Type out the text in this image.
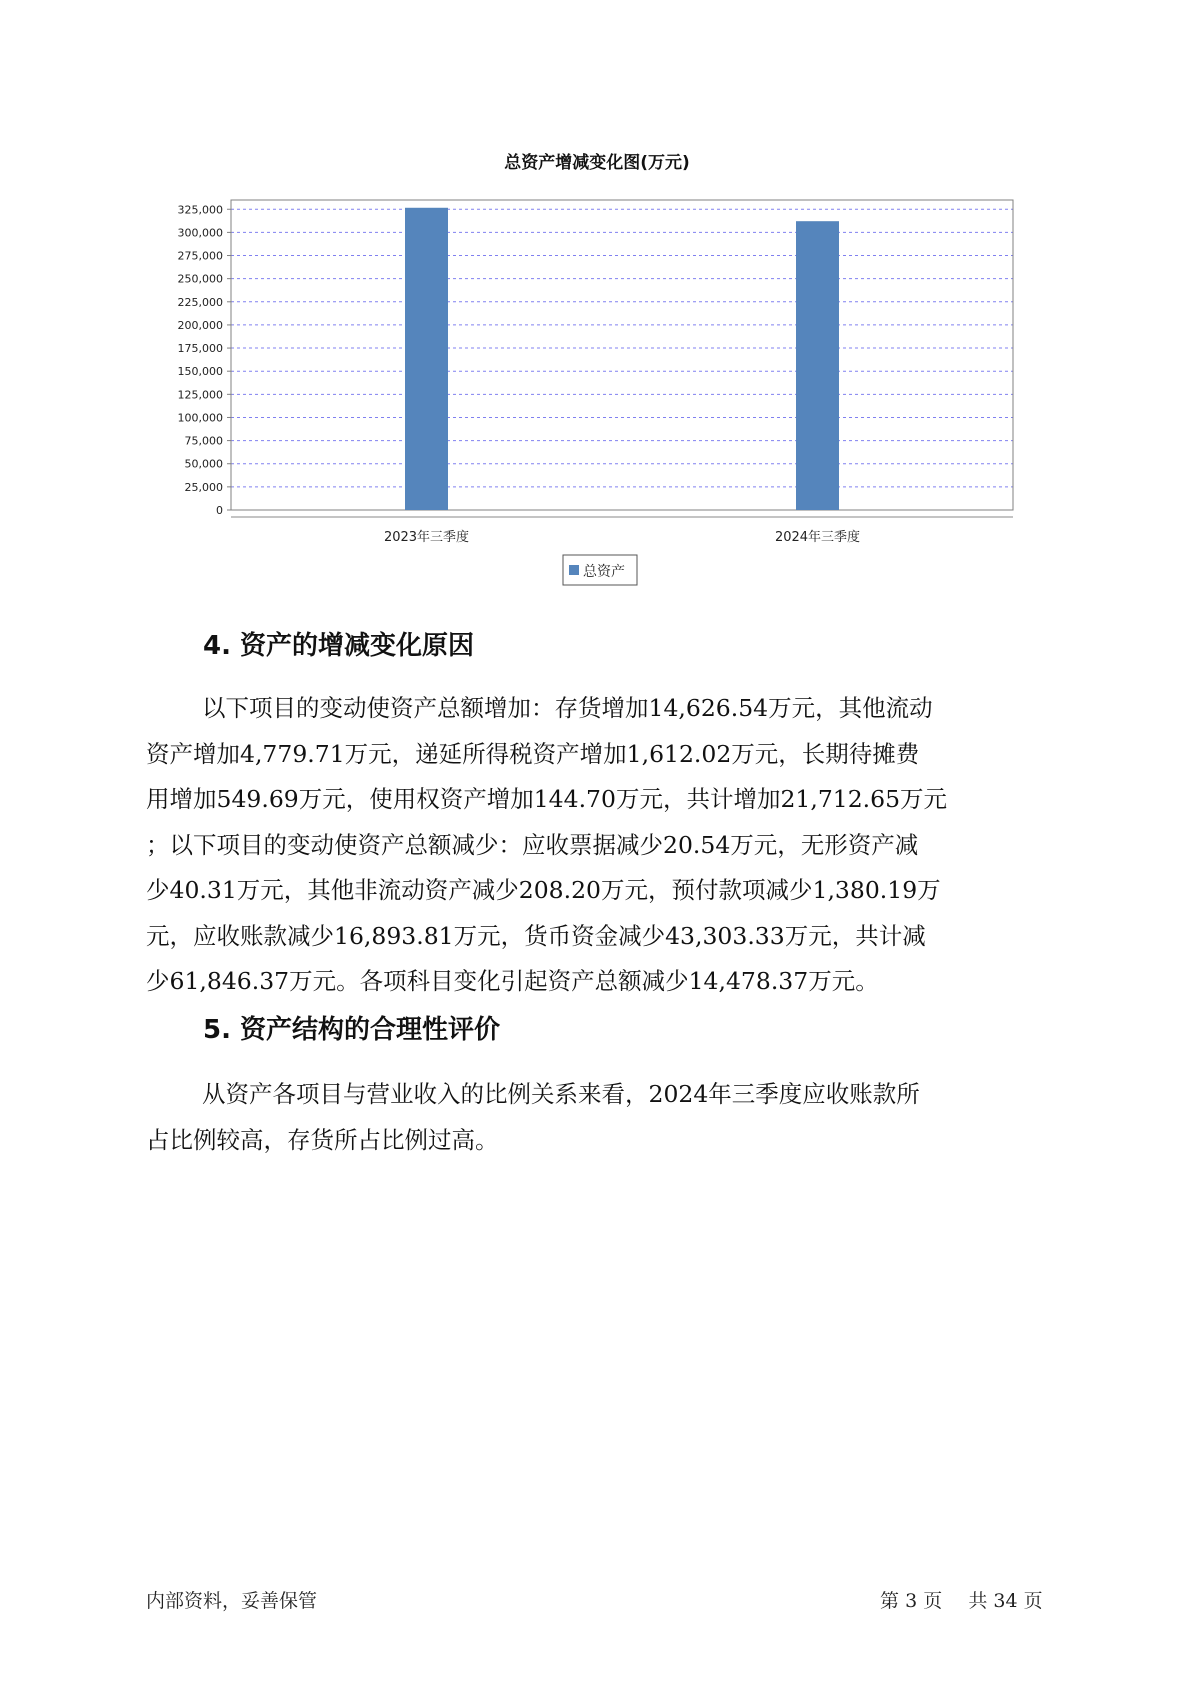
总资产增减变化图(万元)
0
25,000
50,000
75,000
100,000
125,000
150,000
175,000
200,000
225,000
250,000
275,000
300,000
325,000
2023年三季度	2024年三季度
总资产
4. 资产的增减变化原因
以下项目的变动使资产总额增加：存货增加14,626.54万元，其他流动
资产增加4,779.71万元，递延所得税资产增加1,612.02万元，长期待摊费
用增加549.69万元，使用权资产增加144.70万元，共计增加21,712.65万元
；以下项目的变动使资产总额减少：应收票据减少20.54万元，无形资产减
少40.31万元，其他非流动资产减少208.20万元，预付款项减少1,380.19万
元，应收账款减少16,893.81万元，货币资金减少43,303.33万元，共计减
少61,846.37万元。各项科目变化引起资产总额减少14,478.37万元。
5. 资产结构的合理性评价
从资产各项目与营业收入的比例关系来看，2024年三季度应收账款所
占比例较高，存货所占比例过高。
内部资料，妥善保管	第 3 页 共 34 页
